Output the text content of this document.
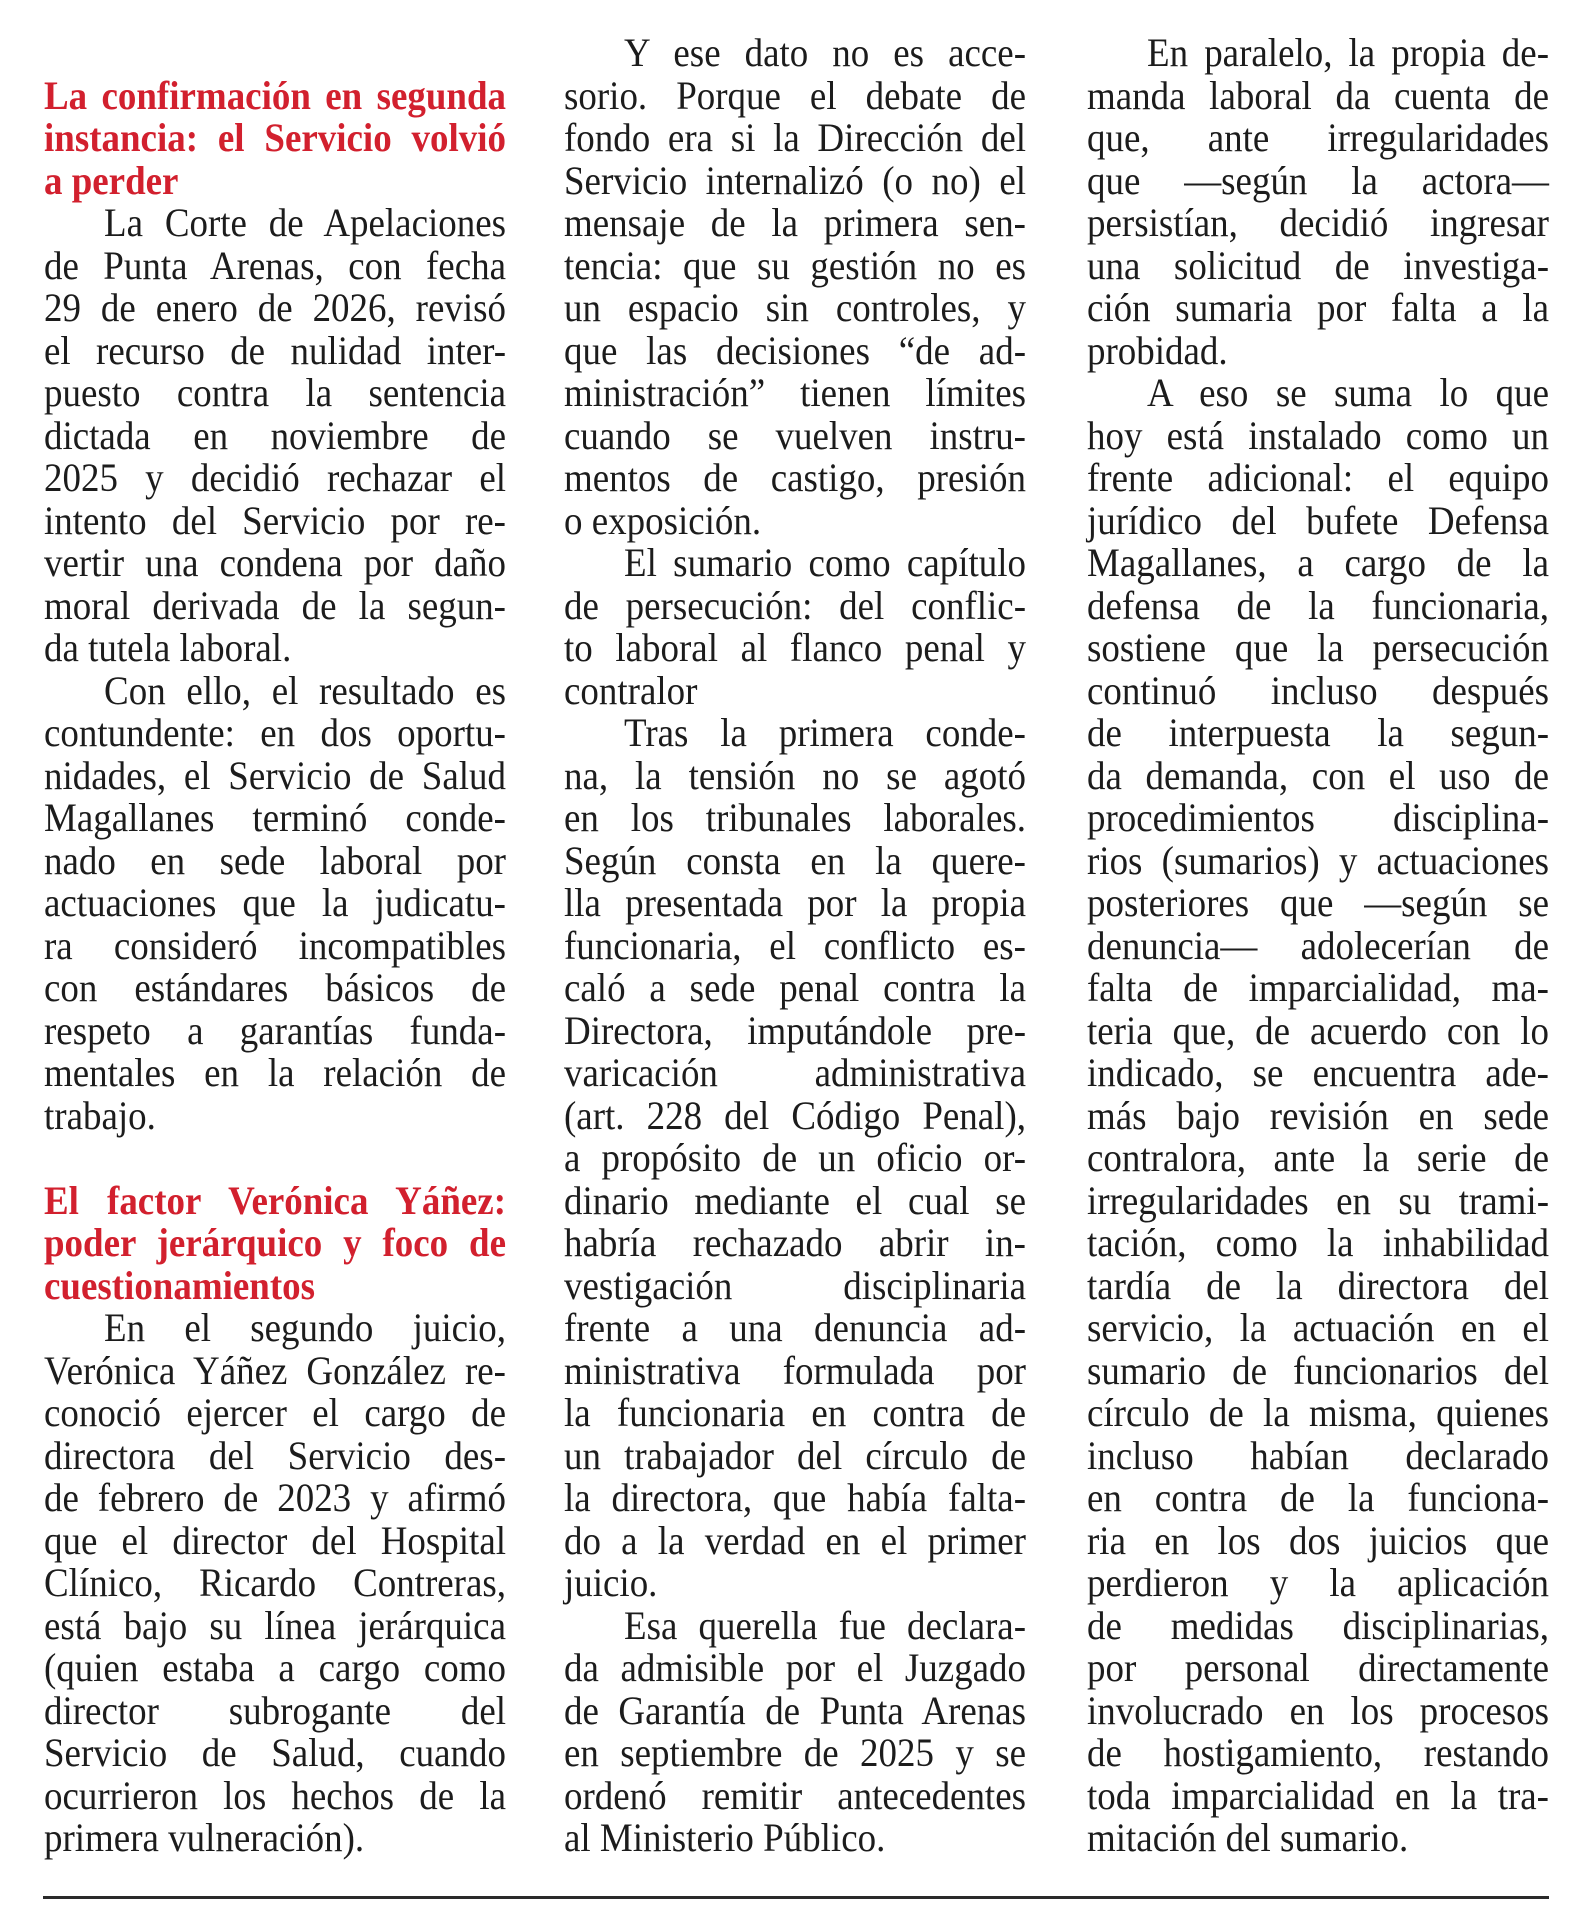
La confirmación en segunda
instancia: el Servicio volvió
a perder
La Corte de Apelaciones
de Punta Arenas, con fecha
29 de enero de 2026, revisó
el recurso de nulidad inter-
puesto contra la sentencia
dictada en noviembre de
2025 y decidió rechazar el
intento del Servicio por re-
vertir una condena por daño
moral derivada de la segun-
da tutela laboral.
Con ello, el resultado es
contundente: en dos oportu-
nidades, el Servicio de Salud
Magallanes terminó conde-
nado en sede laboral por
actuaciones que la judicatu-
ra consideró incompatibles
con estándares básicos de
respeto a garantías funda-
mentales en la relación de
trabajo.
El factor Verónica Yáñez:
poder jerárquico y foco de
cuestionamientos
En el segundo juicio,
Verónica Yáñez González re-
conoció ejercer el cargo de
directora del Servicio des-
de febrero de 2023 y afirmó
que el director del Hospital
Clínico, Ricardo Contreras,
está bajo su línea jerárquica
(quien estaba a cargo como
director subrogante del
Servicio de Salud, cuando
ocurrieron los hechos de la
primera vulneración).
Y ese dato no es acce-
sorio. Porque el debate de
fondo era si la Dirección del
Servicio internalizó (o no) el
mensaje de la primera sen-
tencia: que su gestión no es
un espacio sin controles, y
que las decisiones “de ad-
ministración” tienen límites
cuando se vuelven instru-
mentos de castigo, presión
o exposición.
El sumario como capítulo
de persecución: del conflic-
to laboral al flanco penal y
contralor
Tras la primera conde-
na, la tensión no se agotó
en los tribunales laborales.
Según consta en la quere-
lla presentada por la propia
funcionaria, el conflicto es-
caló a sede penal contra la
Directora, imputándole pre-
varicación administrativa
(art. 228 del Código Penal),
a propósito de un oficio or-
dinario mediante el cual se
habría rechazado abrir in-
vestigación disciplinaria
frente a una denuncia ad-
ministrativa formulada por
la funcionaria en contra de
un trabajador del círculo de
la directora, que había falta-
do a la verdad en el primer
juicio.
Esa querella fue declara-
da admisible por el Juzgado
de Garantía de Punta Arenas
en septiembre de 2025 y se
ordenó remitir antecedentes
al Ministerio Público.
En paralelo, la propia de-
manda laboral da cuenta de
que, ante irregularidades
que —según la actora—
persistían, decidió ingresar
una solicitud de investiga-
ción sumaria por falta a la
probidad.
A eso se suma lo que
hoy está instalado como un
frente adicional: el equipo
jurídico del bufete Defensa
Magallanes, a cargo de la
defensa de la funcionaria,
sostiene que la persecución
continuó incluso después
de interpuesta la segun-
da demanda, con el uso de
procedimientos disciplina-
rios (sumarios) y actuaciones
posteriores que —según se
denuncia— adolecerían de
falta de imparcialidad, ma-
teria que, de acuerdo con lo
indicado, se encuentra ade-
más bajo revisión en sede
contralora, ante la serie de
irregularidades en su trami-
tación, como la inhabilidad
tardía de la directora del
servicio, la actuación en el
sumario de funcionarios del
círculo de la misma, quienes
incluso habían declarado
en contra de la funciona-
ria en los dos juicios que
perdieron y la aplicación
de medidas disciplinarias,
por personal directamente
involucrado en los procesos
de hostigamiento, restando
toda imparcialidad en la tra-
mitación del sumario.
